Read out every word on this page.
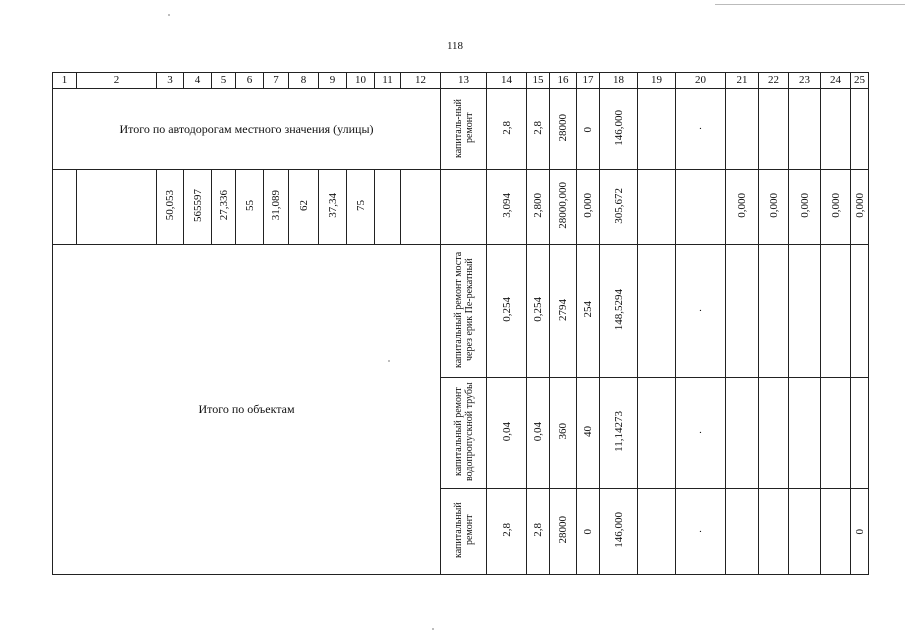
118
1	2	3	4	5	6	7	8	9	10	11	12	13	14	15	16	17	18	19	20	21	22	23	24	25
Итого по автодорогам местного значения (улицы)												капиталь-ный ремонт	2,8	2,8	28000	0	146,000		·					
		50,053	565597	27,336	55	31,089	62	37,34	75				3,094	2,800	28000,000	0,000	305,672			0,000	0,000	0,000	0,000	0,000
Итого по объектам												капитальный ремонт моста через ерик Пе-рекатный	0,254	0,254	2794	254	148,5294		·					
												капитальный ремонт водопропускной трубы	0,04	0,04	360	40	11,14273		·					
												капитальный ремонт	2,8	2,8	28000	0	146,000		·					0
